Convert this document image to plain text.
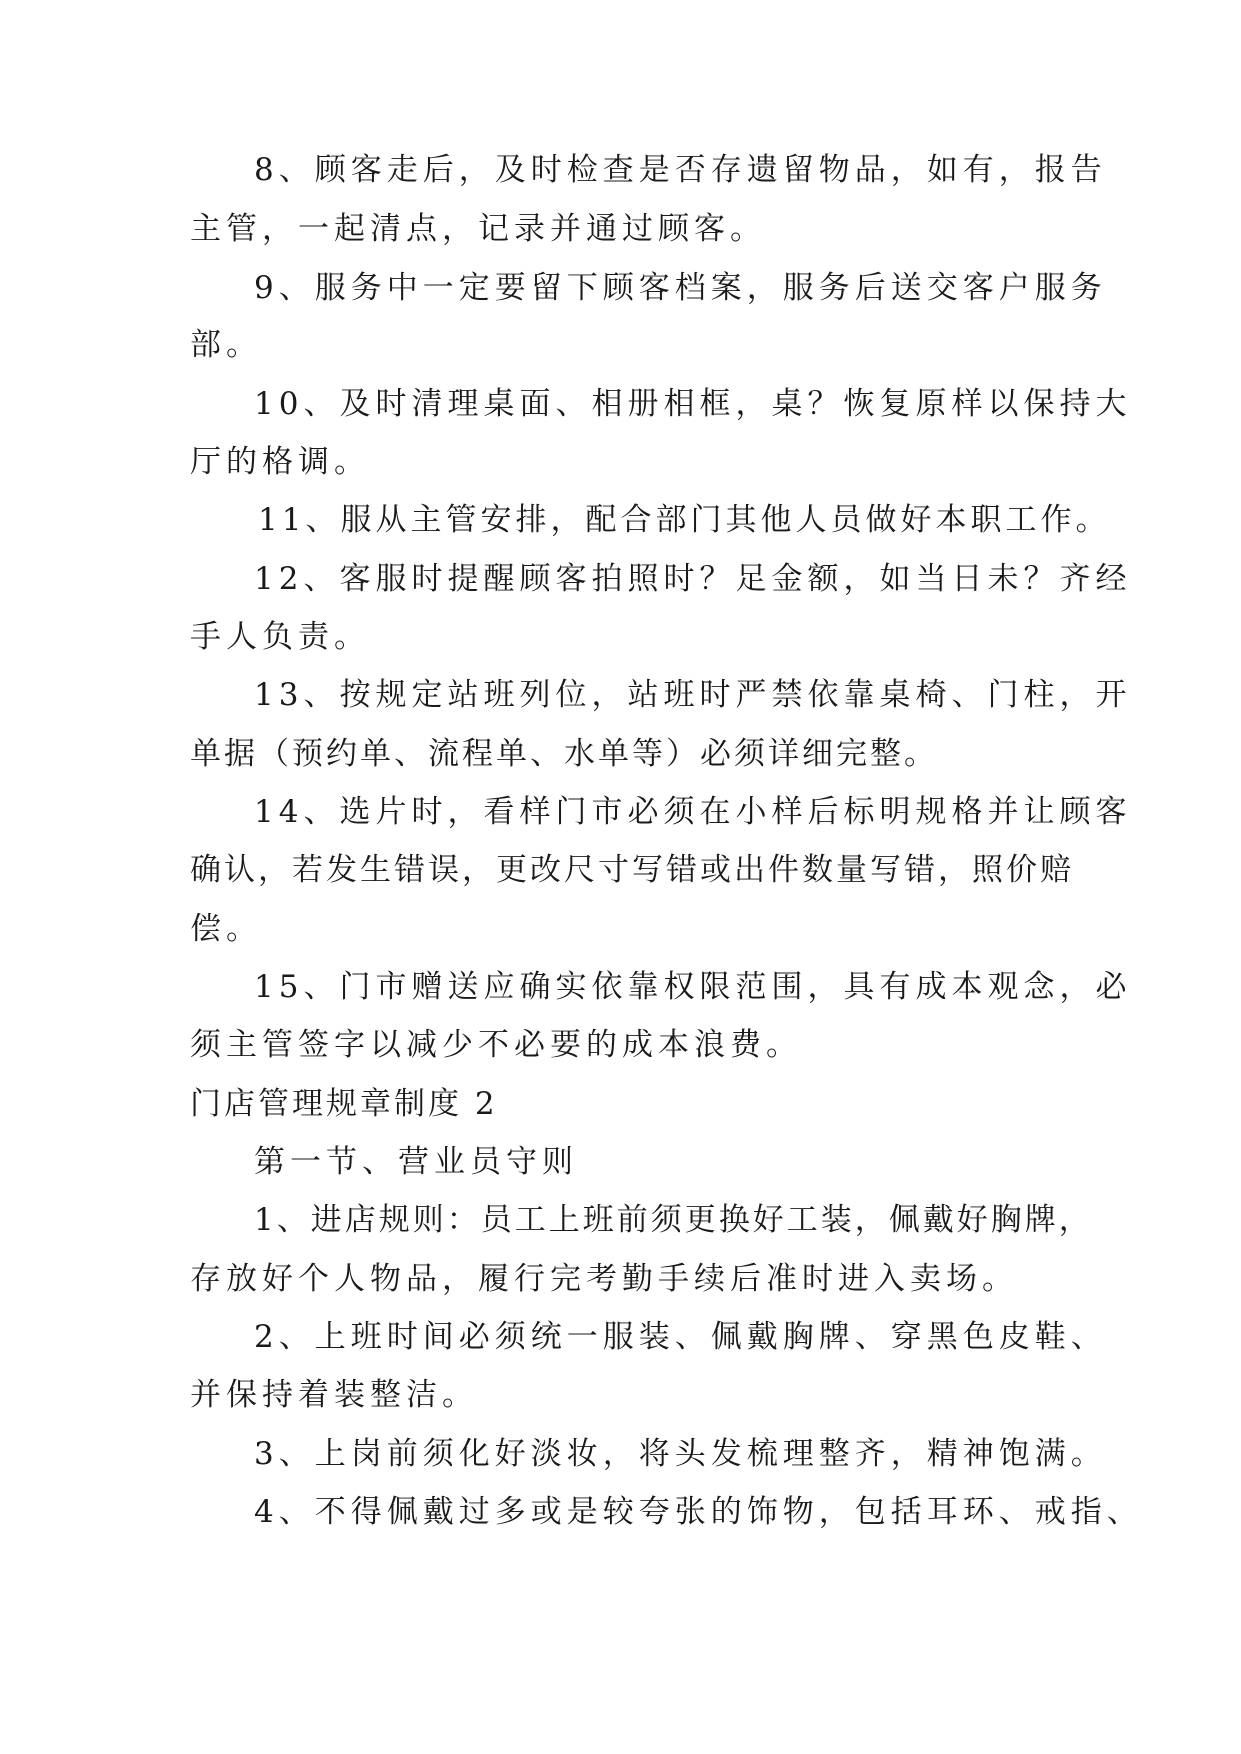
8、顾客走后，及时检查是否存遗留物品，如有，报告

主管，一起清点，记录并通过顾客。

9、服务中一定要留下顾客档案，服务后送交客户服务

部。

10、及时清理桌面、相册相框，桌？恢复原样以保持大

厅的格调。

11、服从主管安排，配合部门其他人员做好本职工作。

12、客服时提醒顾客拍照时？足金额，如当日未？齐经

手人负责。

13、按规定站班列位，站班时严禁依靠桌椅、门柱，开

单据（预约单、流程单、水单等）必须详细完整。

14、选片时，看样门市必须在小样后标明规格并让顾客

确认，若发生错误，更改尺寸写错或出件数量写错，照价赔

偿。

15、门市赠送应确实依靠权限范围，具有成本观念，必

须主管签字以减少不必要的成本浪费。

门店管理规章制度 2

第一节、营业员守则

1、进店规则：员工上班前须更换好工装，佩戴好胸牌，

存放好个人物品，履行完考勤手续后准时进入卖场。

2、上班时间必须统一服装、佩戴胸牌、穿黑色皮鞋、

并保持着装整洁。

3、上岗前须化好淡妆，将头发梳理整齐，精神饱满。

4、不得佩戴过多或是较夸张的饰物，包括耳环、戒指、
